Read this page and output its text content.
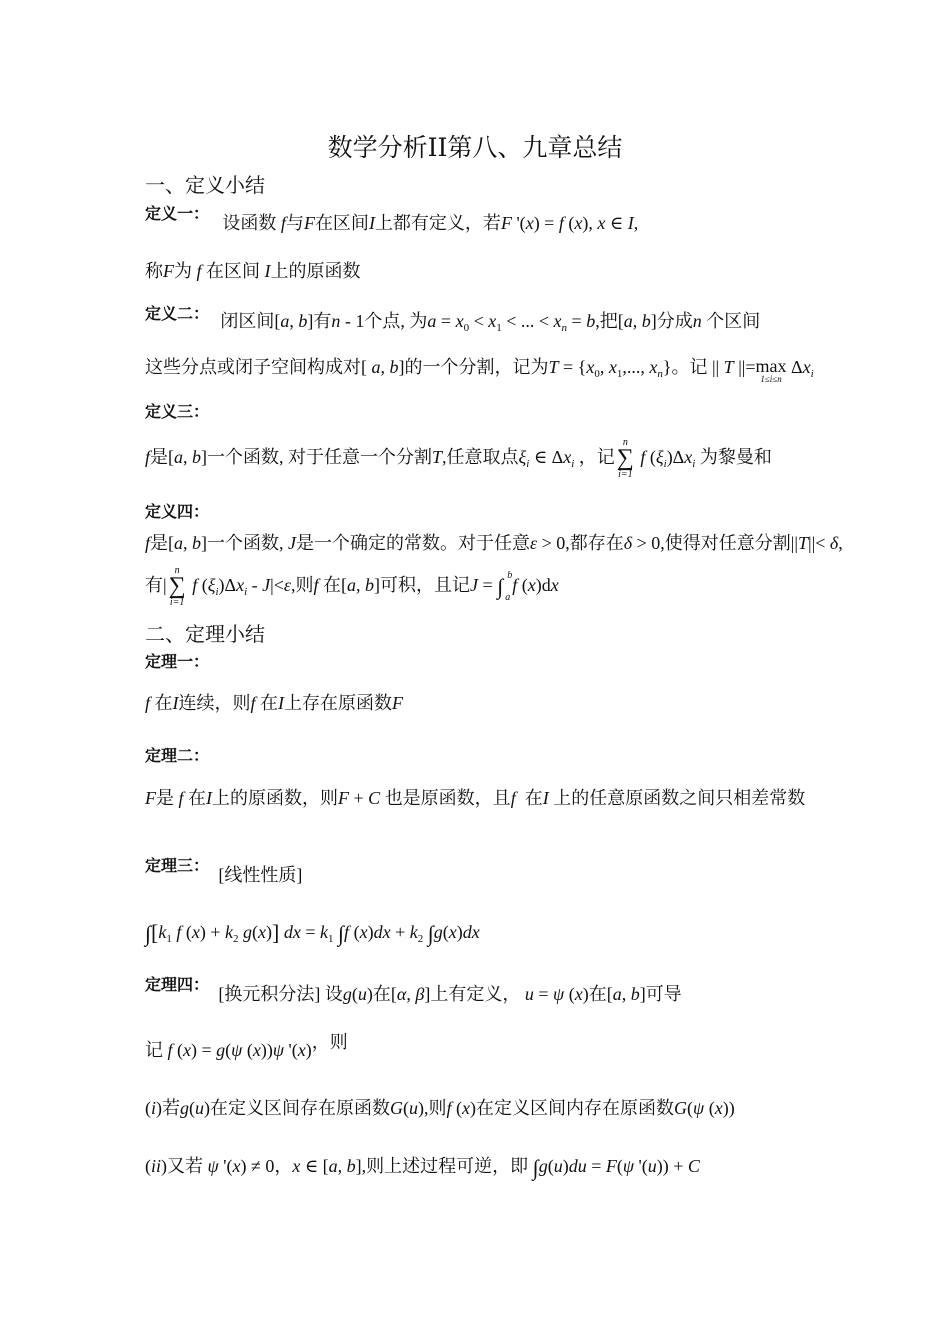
数学分析II第八、九章总结
一、定义小结
定义一： 设函数 f与F在区间I上都有定义，若F '(x) = f (x), x ∈ I,
称F为 f 在区间 I上的原函数
定义二： 闭区间[a, b]有n - 1个点, 为$a = x_0 < x_1$ < ... < $x_n = b$,把[a, b]分成n 个区间
这些分点或闭子空间构成对[ a, b]的一个分割，记为$T = \{x_0$, $x_1$,..., $x_n$}。记 || T ||=max
1≤i≤n
$\Delta x_i$
定义三：
f是[a, b]一个函数, 对于任意一个分割T,任意取点$\xi_i$ ∈ $\Delta x_i$ ，记
n
∑
i=1
f $(\xi_i)\Delta x_i$ 为黎曼和
定义四：
f是[a, b]一个函数, J是一个确定的常数。对于任意ε > 0,都存在δ > 0,使得对任意分割||T||< δ,
有|
n
∑
i=1
f $(\xi_i)\Delta x_i - J|<\varepsilon$,则f 在[a, b]可积，且记J = ∫ b
a
f (x)dx
二、定理小结
定理一：
f 在I连续，则f 在I上存在原函数F
定理二：
F是 f 在I上的原函数，则F + C 也是原函数，且f 在I 上的任意原函数之间只相差常数
定理三： [线性性质]
$\int[k_1$ f $(x) + k_2$ g(x)] dx = $k_1$ ∫f $(x)dx + k_2$ ∫g(x)dx
定理四： [换元积分法] 设g(u)在[α, β]上有定义， u = ψ (x)在[a, b]可导
记 f (x) = g(ψ (x))ψ '(x)，则
(i)若g(u)在定义区间存在原函数G(u),则f (x)在定义区间内存在原函数G(ψ (x))
(ii)又若 ψ '(x) ≠ 0，x ∈ [a, b],则上述过程可逆，即 ∫g(u)du = F(ψ '(u)) + C
